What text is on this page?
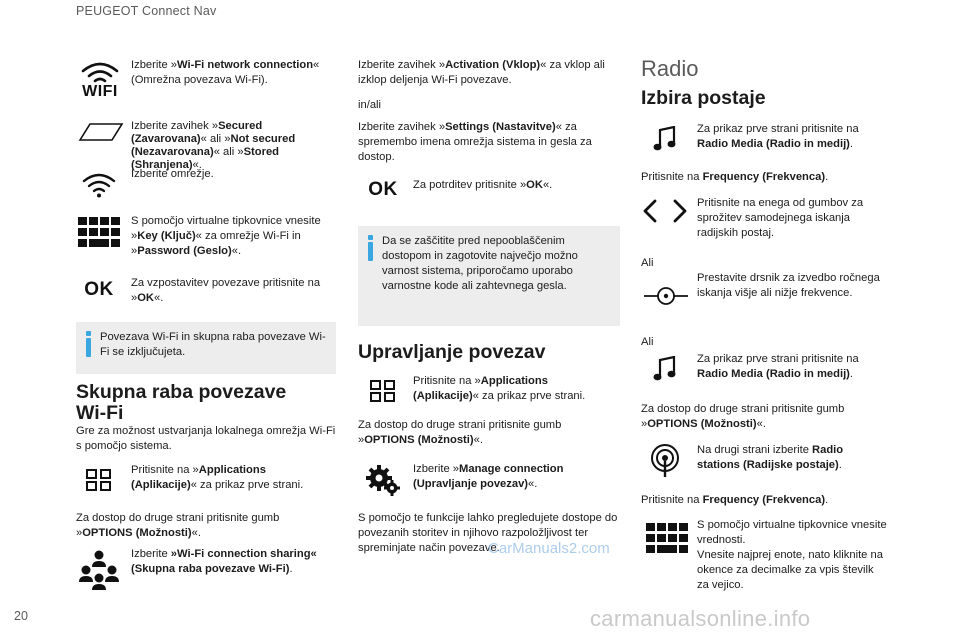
PEUGEOT Connect Nav
WIFI
Izberite »Wi-Fi network connection« (Omrežna povezava Wi-Fi).
Izberite zavihek »Secured (Zavarovana)« ali »Not secured (Nezavarovana)« ali »Stored (Shranjena)«.
Izberite omrežje.
S pomočjo virtualne tipkovnice vnesite »Key (Ključ)« za omrežje Wi-Fi in »Password (Geslo)«.
OK	Za vzpostavitev povezave pritisnite na »OK«.
Povezava Wi-Fi in skupna raba povezave Wi-Fi se izključujeta.
Skupna raba povezave Wi-Fi
Gre za možnost ustvarjanja lokalnega omrežja Wi-Fi s pomočjo sistema.
Pritisnite na »Applications (Aplikacije)« za prikaz prve strani.
Za dostop do druge strani pritisnite gumb »OPTIONS (Možnosti)«.
Izberite »Wi-Fi connection sharing« (Skupna raba povezave Wi-Fi).
Izberite zavihek »Activation (Vklop)« za vklop ali izklop deljenja Wi-Fi povezave.
in/ali
Izberite zavihek »Settings (Nastavitve)« za spremembo imena omrežja sistema in gesla za dostop.
OK	Za potrditev pritisnite »OK«.
Da se zaščitite pred nepooblaščenim dostopom in zagotovite največjo možno varnost sistema, priporočamo uporabo varnostne kode ali zahtevnega gesla.
Upravljanje povezav
Pritisnite na »Applications (Aplikacije)« za prikaz prve strani.
Za dostop do druge strani pritisnite gumb »OPTIONS (Možnosti)«.
Izberite »Manage connection (Upravljanje povezav)«.
S pomočjo te funkcije lahko pregledujete dostope do povezanih storitev in njihovo razpoložljivost ter spreminjate način povezave.
Radio
Izbira postaje
Za prikaz prve strani pritisnite na Radio Media (Radio in medij).
Pritisnite na Frequency (Frekvenca).
Pritisnite na enega od gumbov za sprožitev samodejnega iskanja radijskih postaj.
Ali
Prestavite drsnik za izvedbo ročnega iskanja višje ali nižje frekvence.
Ali
Za prikaz prve strani pritisnite na Radio Media (Radio in medij).
Za dostop do druge strani pritisnite gumb »OPTIONS (Možnosti)«.
Na drugi strani izberite Radio stations (Radijske postaje).
Pritisnite na Frequency (Frekvenca).
S pomočjo virtualne tipkovnice vnesite vrednosti.
Vnesite najprej enote, nato kliknite na okence za decimalke za vpis številk za vejico.
CarManuals2.com
20	carmanualsonline.info
